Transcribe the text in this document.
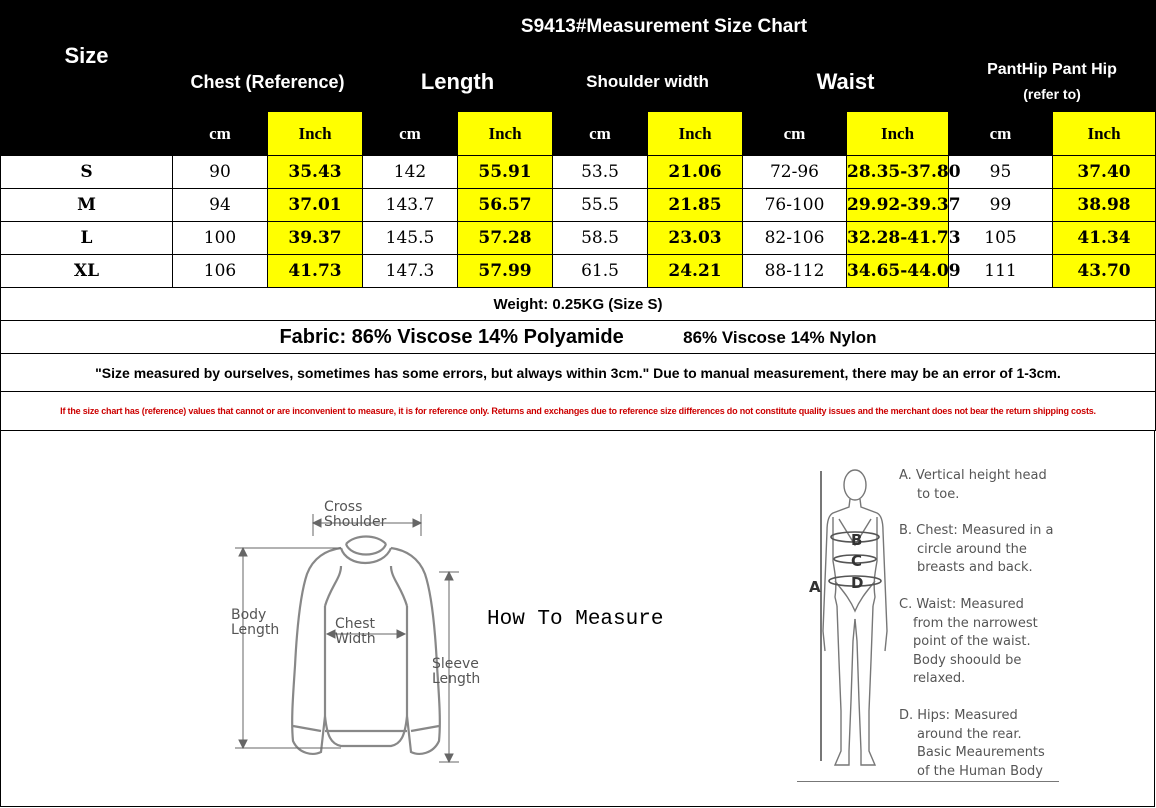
Size	S9413#Measurement Size Chart									
	Chest (Reference)		Length		Shoulder width		Waist		PantHip Pant Hip
(refer to)	

	cm	Inch	cm	Inch	cm	Inch	cm	Inch	cm	Inch
S	90	35.43	142	55.91	53.5	21.06	72-96	28.35-37.80	95	37.40
M	94	37.01	143.7	56.57	55.5	21.85	76-100	29.92-39.37	99	38.98
L	100	39.37	145.5	57.28	58.5	23.03	82-106	32.28-41.73	105	41.34
XL	106	41.73	147.3	57.99	61.5	24.21	88-112	34.65-44.09	111	43.70
Weight: 0.25KG (Size S)										
Fabric: 86% Viscose 14% Polyamide 86% Viscose 14% Nylon										
"Size measured by ourselves, sometimes has some errors, but always within 3cm." Due to manual measurement, there may be an error of 1-3cm.										
If the size chart has (reference) values that cannot or are inconvenient to measure, it is for reference only. Returns and exchanges due to reference size differences do not constitute quality issues and the merchant does not bear the return shipping costs.										
Cross
Shoulder
Body
Length	Chest
Width
Sleeve
Length
How To Measure
B
C
D
A
A. Vertical height head
to toe.
B. Chest: Measured in a
circle around the
breasts and back.
C. Waist: Measured
from the narrowest
point of the waist.
Body shoould be
relaxed.
D. Hips: Measured
around the rear.
Basic Meaurements
of the Human Body
